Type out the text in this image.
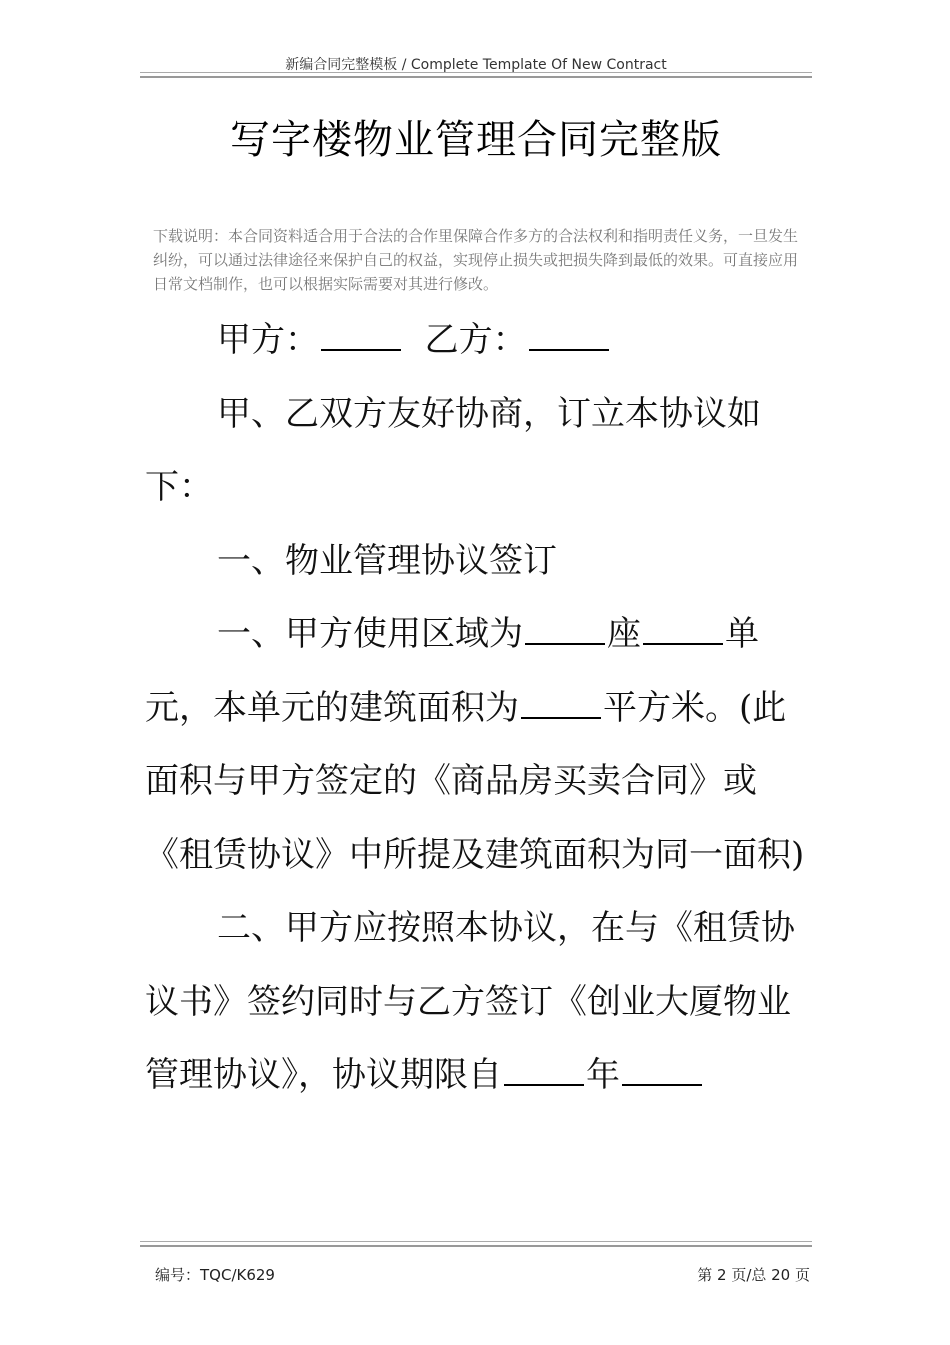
新编合同完整模板 / Complete Template Of New Contract
写字楼物业管理合同完整版
下载说明：本合同资料适合用于合法的合作里保障合作多方的合法权利和指明责任义务，一旦发生纠纷，可以通过法律途径来保护自己的权益，实现停止损失或把损失降到最低的效果。可直接应用日常文档制作，也可以根据实际需要对其进行修改。

甲方：	乙方：

甲、乙双方友好协商，订立本协议如下：

一、物业管理协议签订

一、甲方使用区域为 座 单元，本单元的建筑面积为 平方米。(此面积与甲方签定的《商品房买卖合同》或《租赁协议》中所提及建筑面积为同一面积)

二、甲方应按照本协议，在与《租赁协议书》签约同时与乙方签订《创业大厦物业管理协议》，协议期限自 年

编号：TQC/K629	第 2 页/总 20 页
